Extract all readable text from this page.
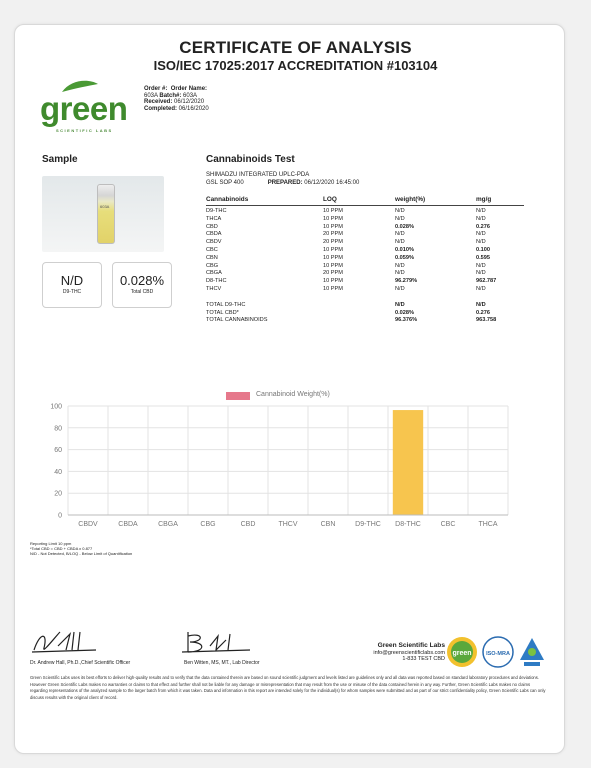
CERTIFICATE OF ANALYSIS
ISO/IEC 17025:2017 ACCREDITATION #103104
green
SCIENTIFIC LABS
Order #: Order Name:
603A Batch#: 603A
Received: 06/12/2020
Completed: 06/16/2020
Sample	Cannabinoids Test
603A
N/D
D9-THC
0.028%
Total CBD
SHIMADZU INTEGRATED UPLC-PDA
GSL SOP 400	PREPARED: 06/12/2020 16:45:00
Cannabinoids	LOQ	weight(%)	mg/g
D9-THC	10 PPM	N/D	N/D
THCA	10 PPM	N/D	N/D
CBD	10 PPM	0.028%	0.276
CBDA	20 PPM	N/D	N/D
CBDV	20 PPM	N/D	N/D
CBC	10 PPM	0.010%	0.100
CBN	10 PPM	0.059%	0.595
CBG	10 PPM	N/D	N/D
CBGA	20 PPM	N/D	N/D
D8-THC	10 PPM	96.279%	962.787
THCV	10 PPM	N/D	N/D
TOTAL D9-THC	N/D	N/D
TOTAL CBD*	0.028%	0.276
TOTAL CANNABINOIDS	96.376%	963.758
Cannabinoid Weight(%)
0
20
40
60
80
100
CBDV	CBDA	CBGA	CBG	CBD	THCV	CBN	D9-THC D8-THC	CBC	THCA
Reporting Limit 10 ppm
*Total CBD = CBD + CBDA x 0.877
N/D - Not Detected, B/LOQ - Below Limit of Quantification
Dr. Andrew Hall, Ph.D.,Chief Scientific Officer	Ben Witten, MS, MT., Lab Director
Green Scientific Labs
info@greenscientificlabs.com
1-833 TEST CBD
green	ISO-MRA
Green Scientific Labs uses its best efforts to deliver high-quality results and to verify that the data contained therein are based on sound scientific judgment and levels listed are guidelines only and all data was reported based on standard laboratory procedures and deviations. However Green Scientific Labs makes no warranties or claims to that effect and further shall not be liable for any damage or misrepresentation that may result from the use or misuse of the data contained herein in any way. Further, Green Scientific Labs makes no claims regarding representations of the analyzed sample to the larger batch from which it was taken. Data and information in this report are intended solely for the individual(s) for whom samples were submitted and as part of our strict confidentiality policy, Green Scientific Labs can only discuss results with the original client of record.
